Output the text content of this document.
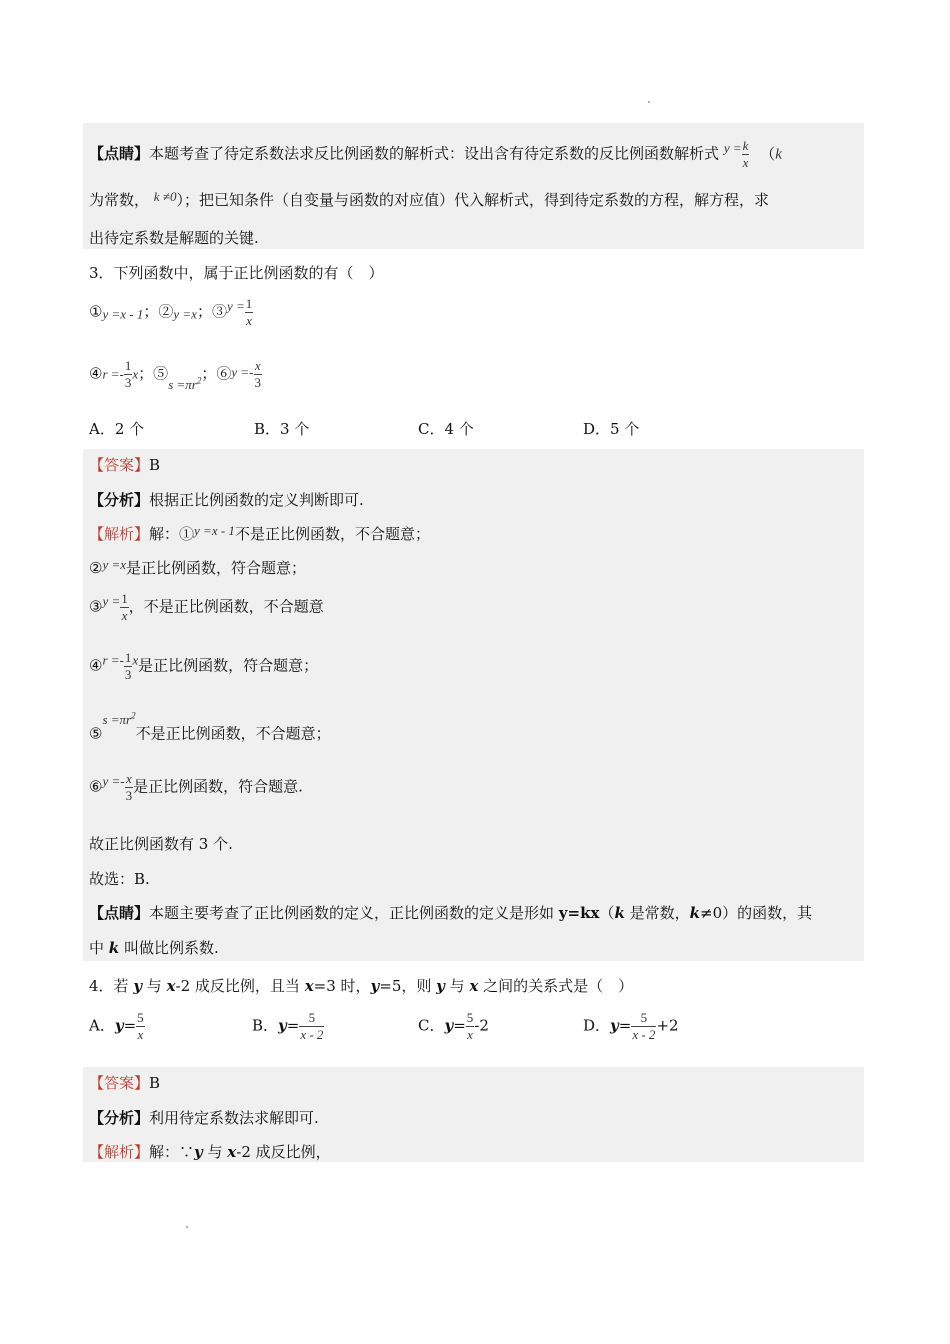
【点睛】本题考查了待定系数法求反比例函数的解析式：设出含有待定系数的反比例函数解析式 $y = \frac{k}{x} (k$
为常数， k ≠0）；把已知条件（自变量与函数的对应值）代入解析式，得到待定系数的方程，解方程，求
出待定系数是解题的关键.
3．下列函数中，属于正比例函数的有（　）
①y =x - 1；②y =x；③y = $\frac{1}{x}$
④r =- $\frac{1}{3}$ x；⑤s $=\pi r^2$；⑥y =- $\frac{x}{3}$
A．2 个	B．3 个	C．4 个	D．5 个
【答案】B
【分析】根据正比例函数的定义判断即可.
【解析】解：①y =x - 1不是正比例函数，不合题意；
②y =x是正比例函数，符合题意；
③y = $\frac{1}{x}$ ，不是正比例函数，不合题意
④r =- $\frac{1}{3}$ x是正比例函数，符合题意；
⑤s $=\pi r^2$不是正比例函数，不合题意；
⑥y =- $\frac{x}{3}$ 是正比例函数，符合题意.
故正比例函数有 3 个.
故选：B.
【点睛】本题主要考查了正比例函数的定义，正比例函数的定义是形如 y=kx（k 是常数，k≠0）的函数，其
中 k 叫做比例系数.
4．若 y 与 x-2 成反比例，且当 x=3 时，y=5，则 y 与 x 之间的关系式是（　）
A．$y= \frac{5}{x}$	B．$y= \frac{5}{x - 2}$	C．$y= \frac{5}{x} -2$	D．$y= \frac{5}{x - 2} +2$
【答案】B
【分析】利用待定系数法求解即可.
【解析】解：∵y 与 x-2 成反比例，
